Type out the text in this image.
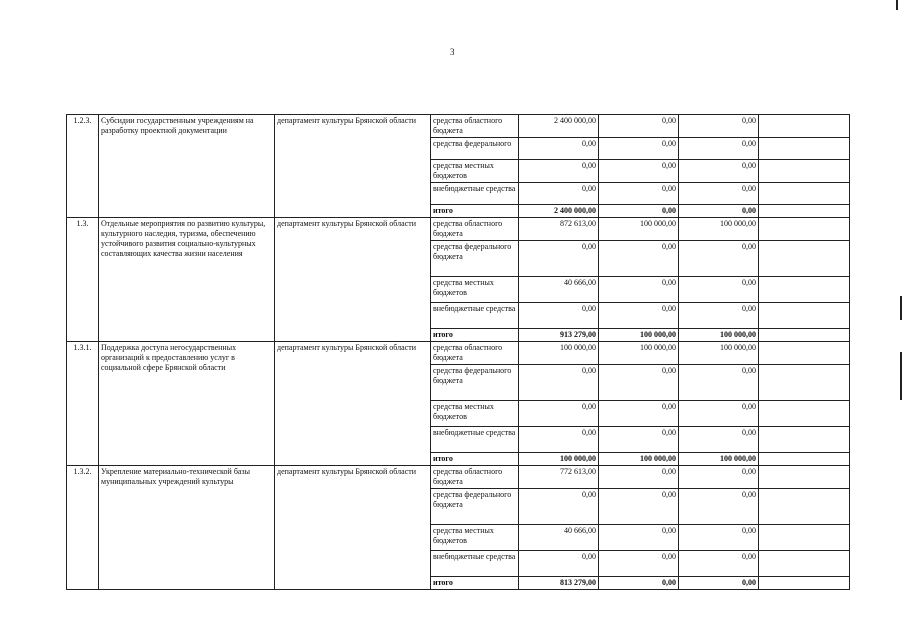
3
1.2.3.	Субсидии государственным учреждениям на разработку проектной документации	департамент культуры Брянской области	средства областного бюджета	2 400 000,00	0,00	0,00	
			средства федерального	0,00	0,00	0,00	
			средства местных бюджетов	0,00	0,00	0,00	
			внебюджетные средства	0,00	0,00	0,00	
			итого	2 400 000,00	0,00	0,00	
1.3.	Отдельные мероприятия по развитию культуры, культурного наследия, туризма, обеспечению устойчивого развития социально-культурных составляющих качества жизни населения	департамент культуры Брянской области	средства областного бюджета	872 613,00	100 000,00	100 000,00	
			средства федерального бюджета	0,00	0,00	0,00	
			средства местных бюджетов	40 666,00	0,00	0,00	
			внебюджетные средства	0,00	0,00	0,00	
			итого	913 279,00	100 000,00	100 000,00	
1.3.1.	Поддержка доступа негосударственных организаций к предоставлению услуг в социальной сфере Брянской области	департамент культуры Брянской области	средства областного бюджета	100 000,00	100 000,00	100 000,00	
			средства федерального бюджета	0,00	0,00	0,00	
			средства местных бюджетов	0,00	0,00	0,00	
			внебюджетные средства	0,00	0,00	0,00	
			итого	100 000,00	100 000,00	100 000,00	
1.3.2.	Укрепление материально-технической базы муниципальных учреждений культуры	департамент культуры Брянской области	средства областного бюджета	772 613,00	0,00	0,00	
			средства федерального бюджета	0,00	0,00	0,00	
			средства местных бюджетов	40 666,00	0,00	0,00	
			внебюджетные средства	0,00	0,00	0,00	
			итого	813 279,00	0,00	0,00	
